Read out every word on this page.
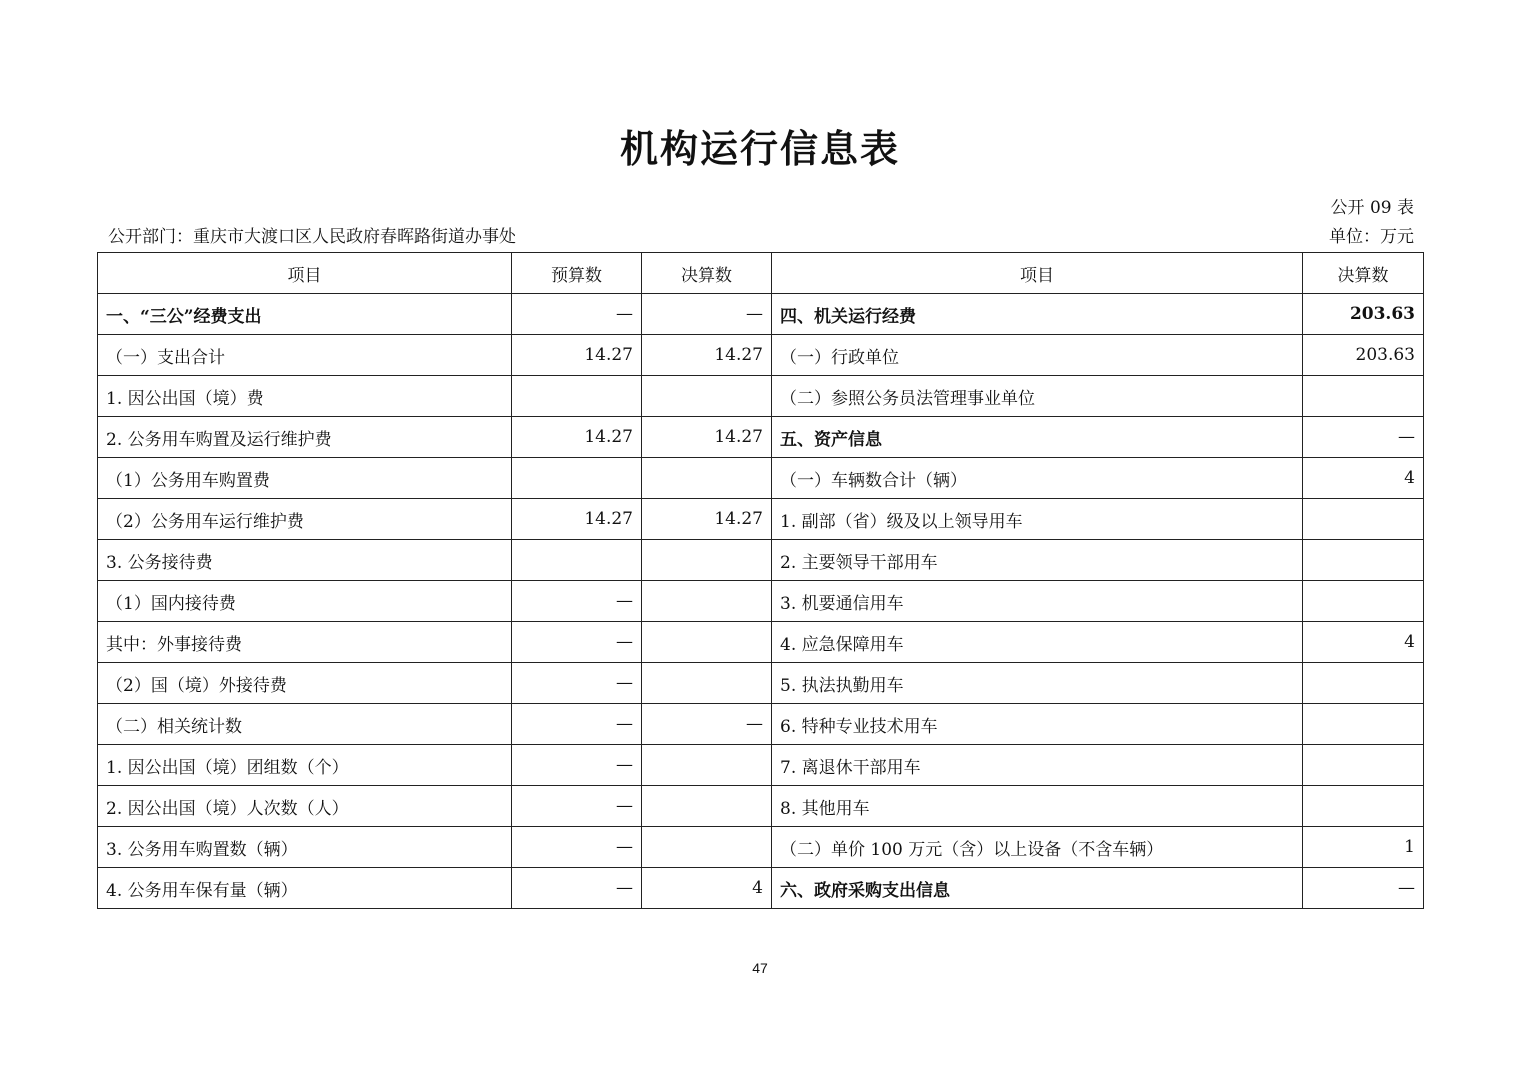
机构运行信息表
公开 09 表
公开部门：重庆市大渡口区人民政府春晖路街道办事处	单位：万元
项目	预算数	决算数	项目	决算数
一、“三公”经费支出	—	—	四、机关运行经费	203.63
（一）支出合计	14.27	14.27	（一）行政单位	203.63
1. 因公出国（境）费			（二）参照公务员法管理事业单位	
2. 公务用车购置及运行维护费	14.27	14.27	五、资产信息	—
（1）公务用车购置费			（一）车辆数合计（辆）	4
（2）公务用车运行维护费	14.27	14.27	1. 副部（省）级及以上领导用车	
3. 公务接待费			2. 主要领导干部用车	
（1）国内接待费	—		3. 机要通信用车	
其中：外事接待费	—		4. 应急保障用车	4
（2）国（境）外接待费	—		5. 执法执勤用车	
（二）相关统计数	—	—	6. 特种专业技术用车	
1. 因公出国（境）团组数（个）	—		7. 离退休干部用车	
2. 因公出国（境）人次数（人）	—		8. 其他用车	
3. 公务用车购置数（辆）	—		（二）单价 100 万元（含）以上设备（不含车辆）	1
4. 公务用车保有量（辆）	—	4	六、政府采购支出信息	—
47
